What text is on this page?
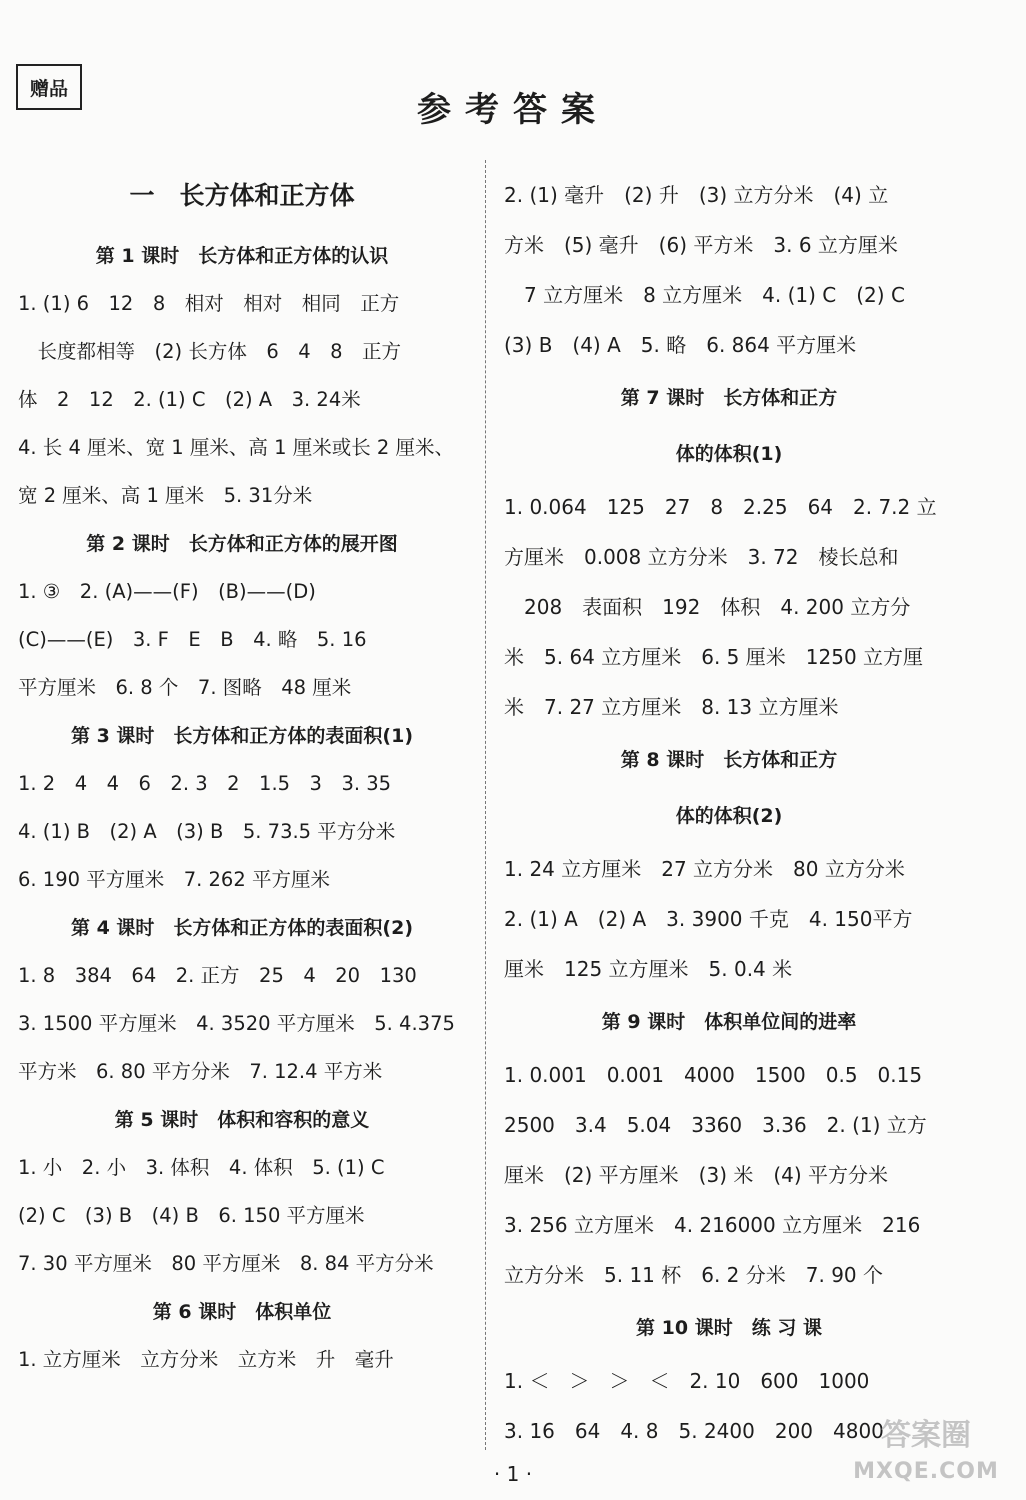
赠品
参考答案
一　长方体和正方体
第 1 课时　长方体和正方体的认识
1. (1) 6　12　8　相对　相对　相同　正方
　长度都相等　(2) 长方体　6　4　8　正方
体　2　12　2. (1) C　(2) A　3. 24米
4. 长 4 厘米、宽 1 厘米、高 1 厘米或长 2 厘米、
宽 2 厘米、高 1 厘米　5. 31分米
第 2 课时　长方体和正方体的展开图
1. ③　2. (A)——(F)　(B)——(D)
(C)——(E)　3. F　E　B　4. 略　5. 16
平方厘米　6. 8 个　7. 图略　48 厘米
第 3 课时　长方体和正方体的表面积(1)
1. 2　4　4　6　2. 3　2　1.5　3　3. 35
4. (1) B　(2) A　(3) B　5. 73.5 平方分米
6. 190 平方厘米　7. 262 平方厘米
第 4 课时　长方体和正方体的表面积(2)
1. 8　384　64　2. 正方　25　4　20　130
3. 1500 平方厘米　4. 3520 平方厘米　5. 4.375
平方米　6. 80 平方分米　7. 12.4 平方米
第 5 课时　体积和容积的意义
1. 小　2. 小　3. 体积　4. 体积　5. (1) C
(2) C　(3) B　(4) B　6. 150 平方厘米
7. 30 平方厘米　80 平方厘米　8. 84 平方分米
第 6 课时　体积单位
1. 立方厘米　立方分米　立方米　升　毫升
2. (1) 毫升　(2) 升　(3) 立方分米　(4) 立
方米　(5) 毫升　(6) 平方米　3. 6 立方厘米
　7 立方厘米　8 立方厘米　4. (1) C　(2) C
(3) B　(4) A　5. 略　6. 864 平方厘米
第 7 课时　长方体和正方
体的体积(1)
1. 0.064　125　27　8　2.25　64　2. 7.2 立
方厘米　0.008 立方分米　3. 72　棱长总和
　208　表面积　192　体积　4. 200 立方分
米　5. 64 立方厘米　6. 5 厘米　1250 立方厘
米　7. 27 立方厘米　8. 13 立方厘米
第 8 课时　长方体和正方
体的体积(2)
1. 24 立方厘米　27 立方分米　80 立方分米
2. (1) A　(2) A　3. 3900 千克　4. 150平方
厘米　125 立方厘米　5. 0.4 米
第 9 课时　体积单位间的进率
1. 0.001　0.001　4000　1500　0.5　0.15
2500　3.4　5.04　3360　3.36　2. (1) 立方
厘米　(2) 平方厘米　(3) 米　(4) 平方分米
3. 256 立方厘米　4. 216000 立方厘米　216
立方分米　5. 11 杯　6. 2 分米　7. 90 个
第 10 课时　练 习 课
1. ＜　＞　＞　＜　2. 10　600　1000
3. 16　64　4. 8　5. 2400　200　4800
· 1 ·
答案圈
MXQE.COM
